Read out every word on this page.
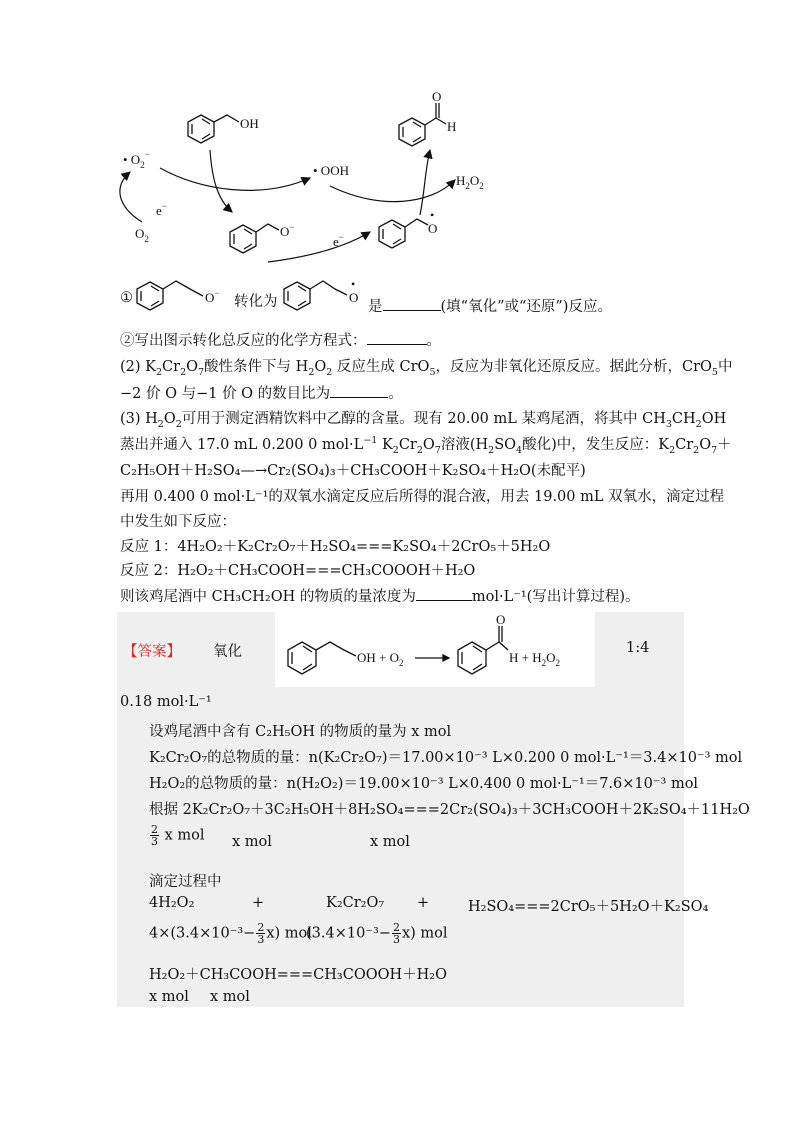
OH
• $O_2^-$
e−
$O_2$
• OOH
O−
e−
•
O
$H_2O_2$
O
H
①	O−
•
O
转化为	是	(填“氧化”或“还原”)反应。
②写出图示转化总反应的化学方程式：	。
(2) $K_2Cr_2O_7$酸性条件下与 $H_2O_2$ 反应生成 CrO$_5$，反应为非氧化还原反应。据此分析，CrO$_5$中
−2 价 O 与−1 价 O 的数目比为	。
(3) $H_2O_2$可用于测定酒精饮料中乙醇的含量。现有 20.00 mL 某鸡尾酒，将其中 $CH_3CH_2OH$
蒸出并通入 17.0 mL 0.200 0 $mol\cdot L^{-1}$ $K_2Cr_2O_7$溶液($H_2SO_4$酸化)中，发生反应：$K_2Cr_2O_7+$
C₂H₅OH＋H₂SO₄—→Cr₂(SO₄)₃＋CH₃COOH＋K₂SO₄＋H₂O(未配平)
再用 0.400 0 mol·L⁻¹的双氧水滴定反应后所得的混合液，用去 19.00 mL 双氧水，滴定过程
中发生如下反应：
反应 1：4H₂O₂＋K₂Cr₂O₇＋H₂SO₄===K₂SO₄＋2CrO₅＋5H₂O
反应 2：H₂O₂＋CH₃COOH===CH₃COOOH＋H₂O
则该鸡尾酒中 CH₃CH₂OH 的物质的量浓度为	mol·L⁻¹(写出计算过程)。
【答案】 氧化	OH + $O_2$
O
$H + H_2O_2$
1:4
0.18 mol·L⁻¹
设鸡尾酒中含有 C₂H₅OH 的物质的量为 x mol
K₂Cr₂O₇的总物质的量：n(K₂Cr₂O₇)＝17.00×10⁻³ L×0.200 0 mol·L⁻¹＝3.4×10⁻³ mol
H₂O₂的总物质的量：n(H₂O₂)＝19.00×10⁻³ L×0.400 0 mol·L⁻¹＝7.6×10⁻³ mol
根据 2K₂Cr₂O₇＋3C₂H₅OH＋8H₂SO₄===2Cr₂(SO₄)₃＋3CH₃COOH＋2K₂SO₄＋11H₂O
$\frac{2}{3}$ x mol x mol	x mol
滴定过程中
4H₂O₂	+	K₂Cr₂O₇ +	H₂SO₄===2CrO₅＋5H₂O＋K₂SO₄
$4\times(3.4\times 10^{-3}- \frac{2}{3} x)$ mol
$(3.4\times 10^{-3}- \frac{2}{3} x)$ mol
H₂O₂＋CH₃COOH===CH₃COOOH＋H₂O
x mol x mol
